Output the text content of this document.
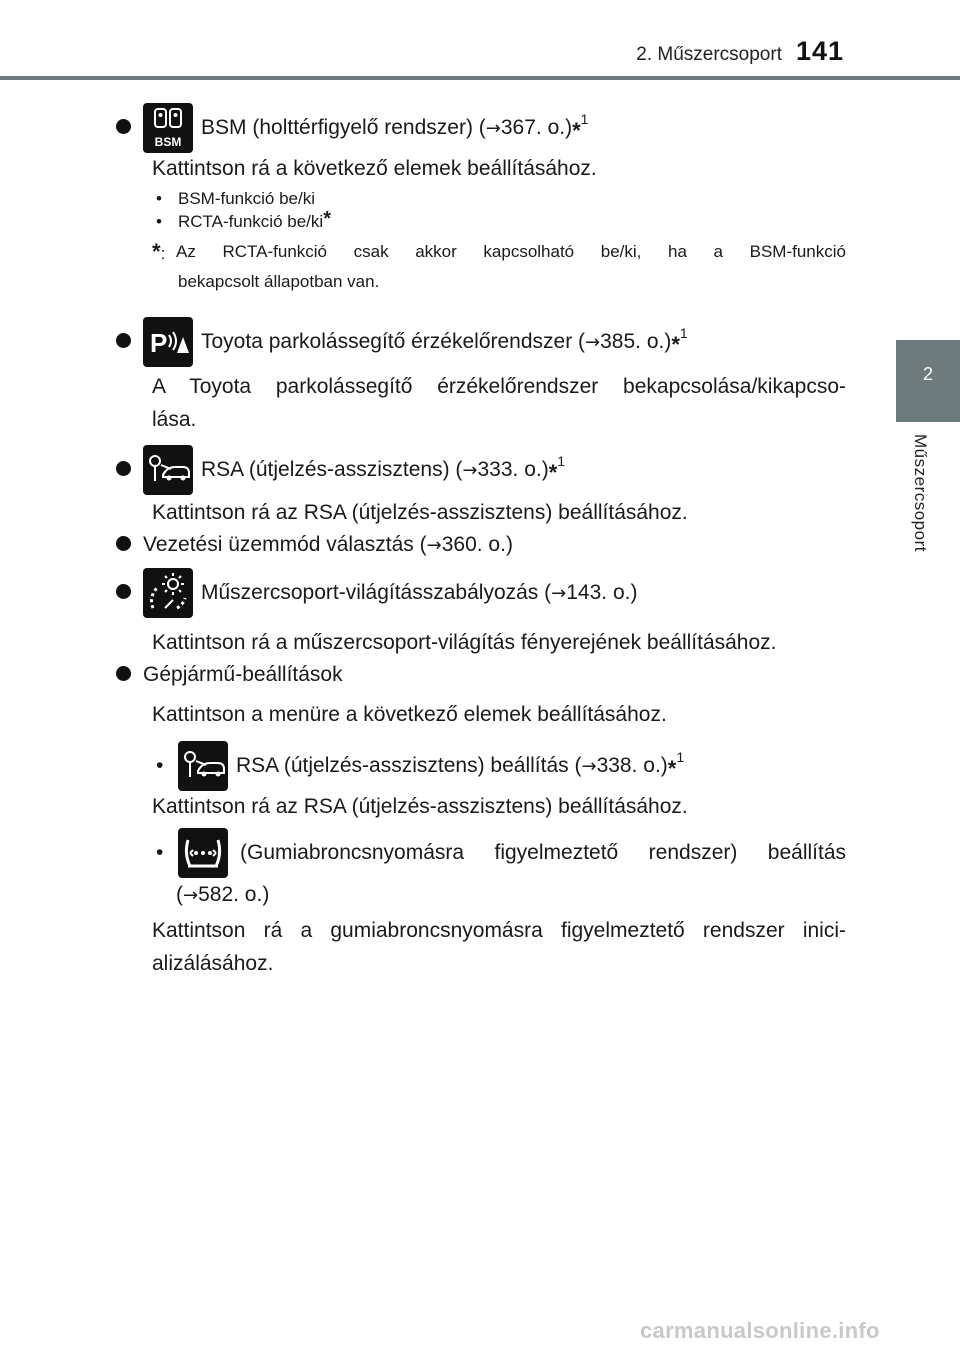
2. Műszercsoport 141
2
Műszercsoport
BSM
BSM (holttérfigyelő rendszer) (→367. o.)*$^1$
Kattintson rá a következő elemek beállításához.
• BSM-funkció be/ki
• RCTA-funkció be/ki*
*: Az RCTA-funkció csak akkor kapcsolható be/ki, ha a BSM-funkció
bekapcsolt állapotban van.
P Toyota parkolássegítő érzékelőrendszer (→385. o.)*$^1$
A Toyota parkolássegítő érzékelőrendszer bekapcsolása/kikapcso-
lása.
RSA (útjelzés-asszisztens) (→333. o.)*$^1$
Kattintson rá az RSA (útjelzés-asszisztens) beállításához.
Vezetési üzemmód választás (→360. o.)
Műszercsoport-világításszabályozás (→143. o.)
Kattintson rá a műszercsoport-világítás fényerejének beállításához.
Gépjármű-beállítások
Kattintson a menüre a következő elemek beállításához.
•	RSA (útjelzés-asszisztens) beállítás (→338. o.)*$^1$
Kattintson rá az RSA (útjelzés-asszisztens) beállításához.
•	(Gumiabroncsnyomásra figyelmeztető rendszer) beállítás
(→582. o.)
Kattintson rá a gumiabroncsnyomásra figyelmeztető rendszer inici-
alizálásához.
carmanualsonline.info
